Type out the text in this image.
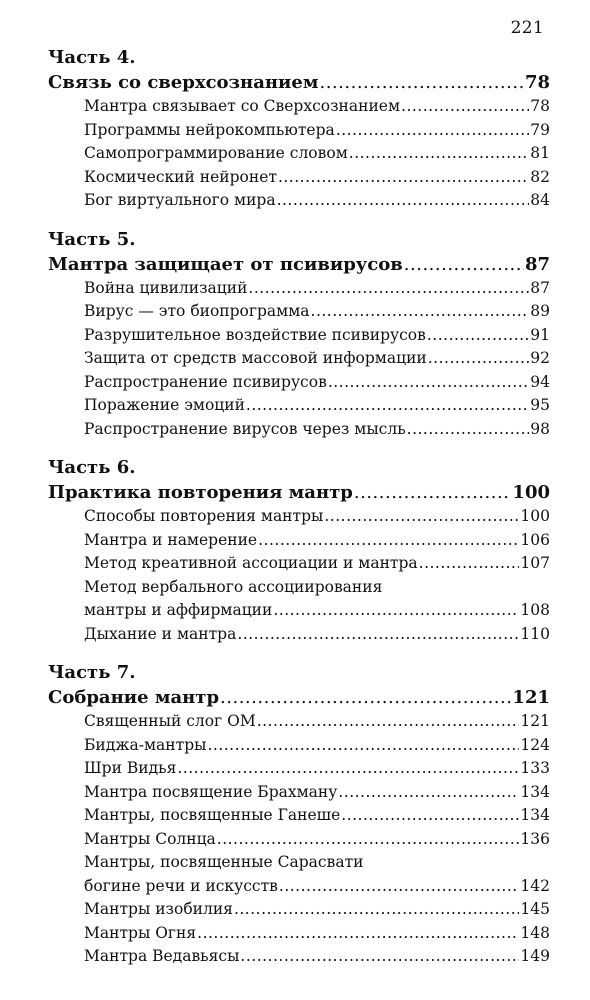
221
Часть 4.
Связь со сверхсознанием .....	78
Мантра связывает со Сверхсознанием .....	78
Программы нейрокомпьютера .....	79
Самопрограммирование словом .....	81
Космический нейронет .....	82
Бог виртуального мира .....	84
Часть 5.
Мантра защищает от псивирусов .....	87
Война цивилизаций .....	87
Вирус — это биопрограмма .....	89
Разрушительное воздействие псивирусов .....	91
Защита от средств массовой информации .....	92
Распространение псивирусов .....	94
Поражение эмоций .....	95
Распространение вирусов через мысль .....	98
Часть 6.
Практика повторения мантр .....	100
Способы повторения мантры .....	100
Мантра и намерение .....	106
Метод креативной ассоциации и мантра .....	107
Метод вербального ассоциирования
мантры и аффирмации .....	108
Дыхание и мантра .....	110
Часть 7.
Собрание мантр .....	121
Священный слог ОМ .....	121
Биджа-мантры .....	124
Шри Видья .....	133
Мантра посвящение Брахману .....	134
Мантры, посвященные Ганеше .....	134
Мантры Солнца .....	136
Мантры, посвященные Сарасвати
богине речи и искусств .....	142
Мантры изобилия .....	145
Мантры Огня .....	148
Мантра Ведавьясы .....	149
